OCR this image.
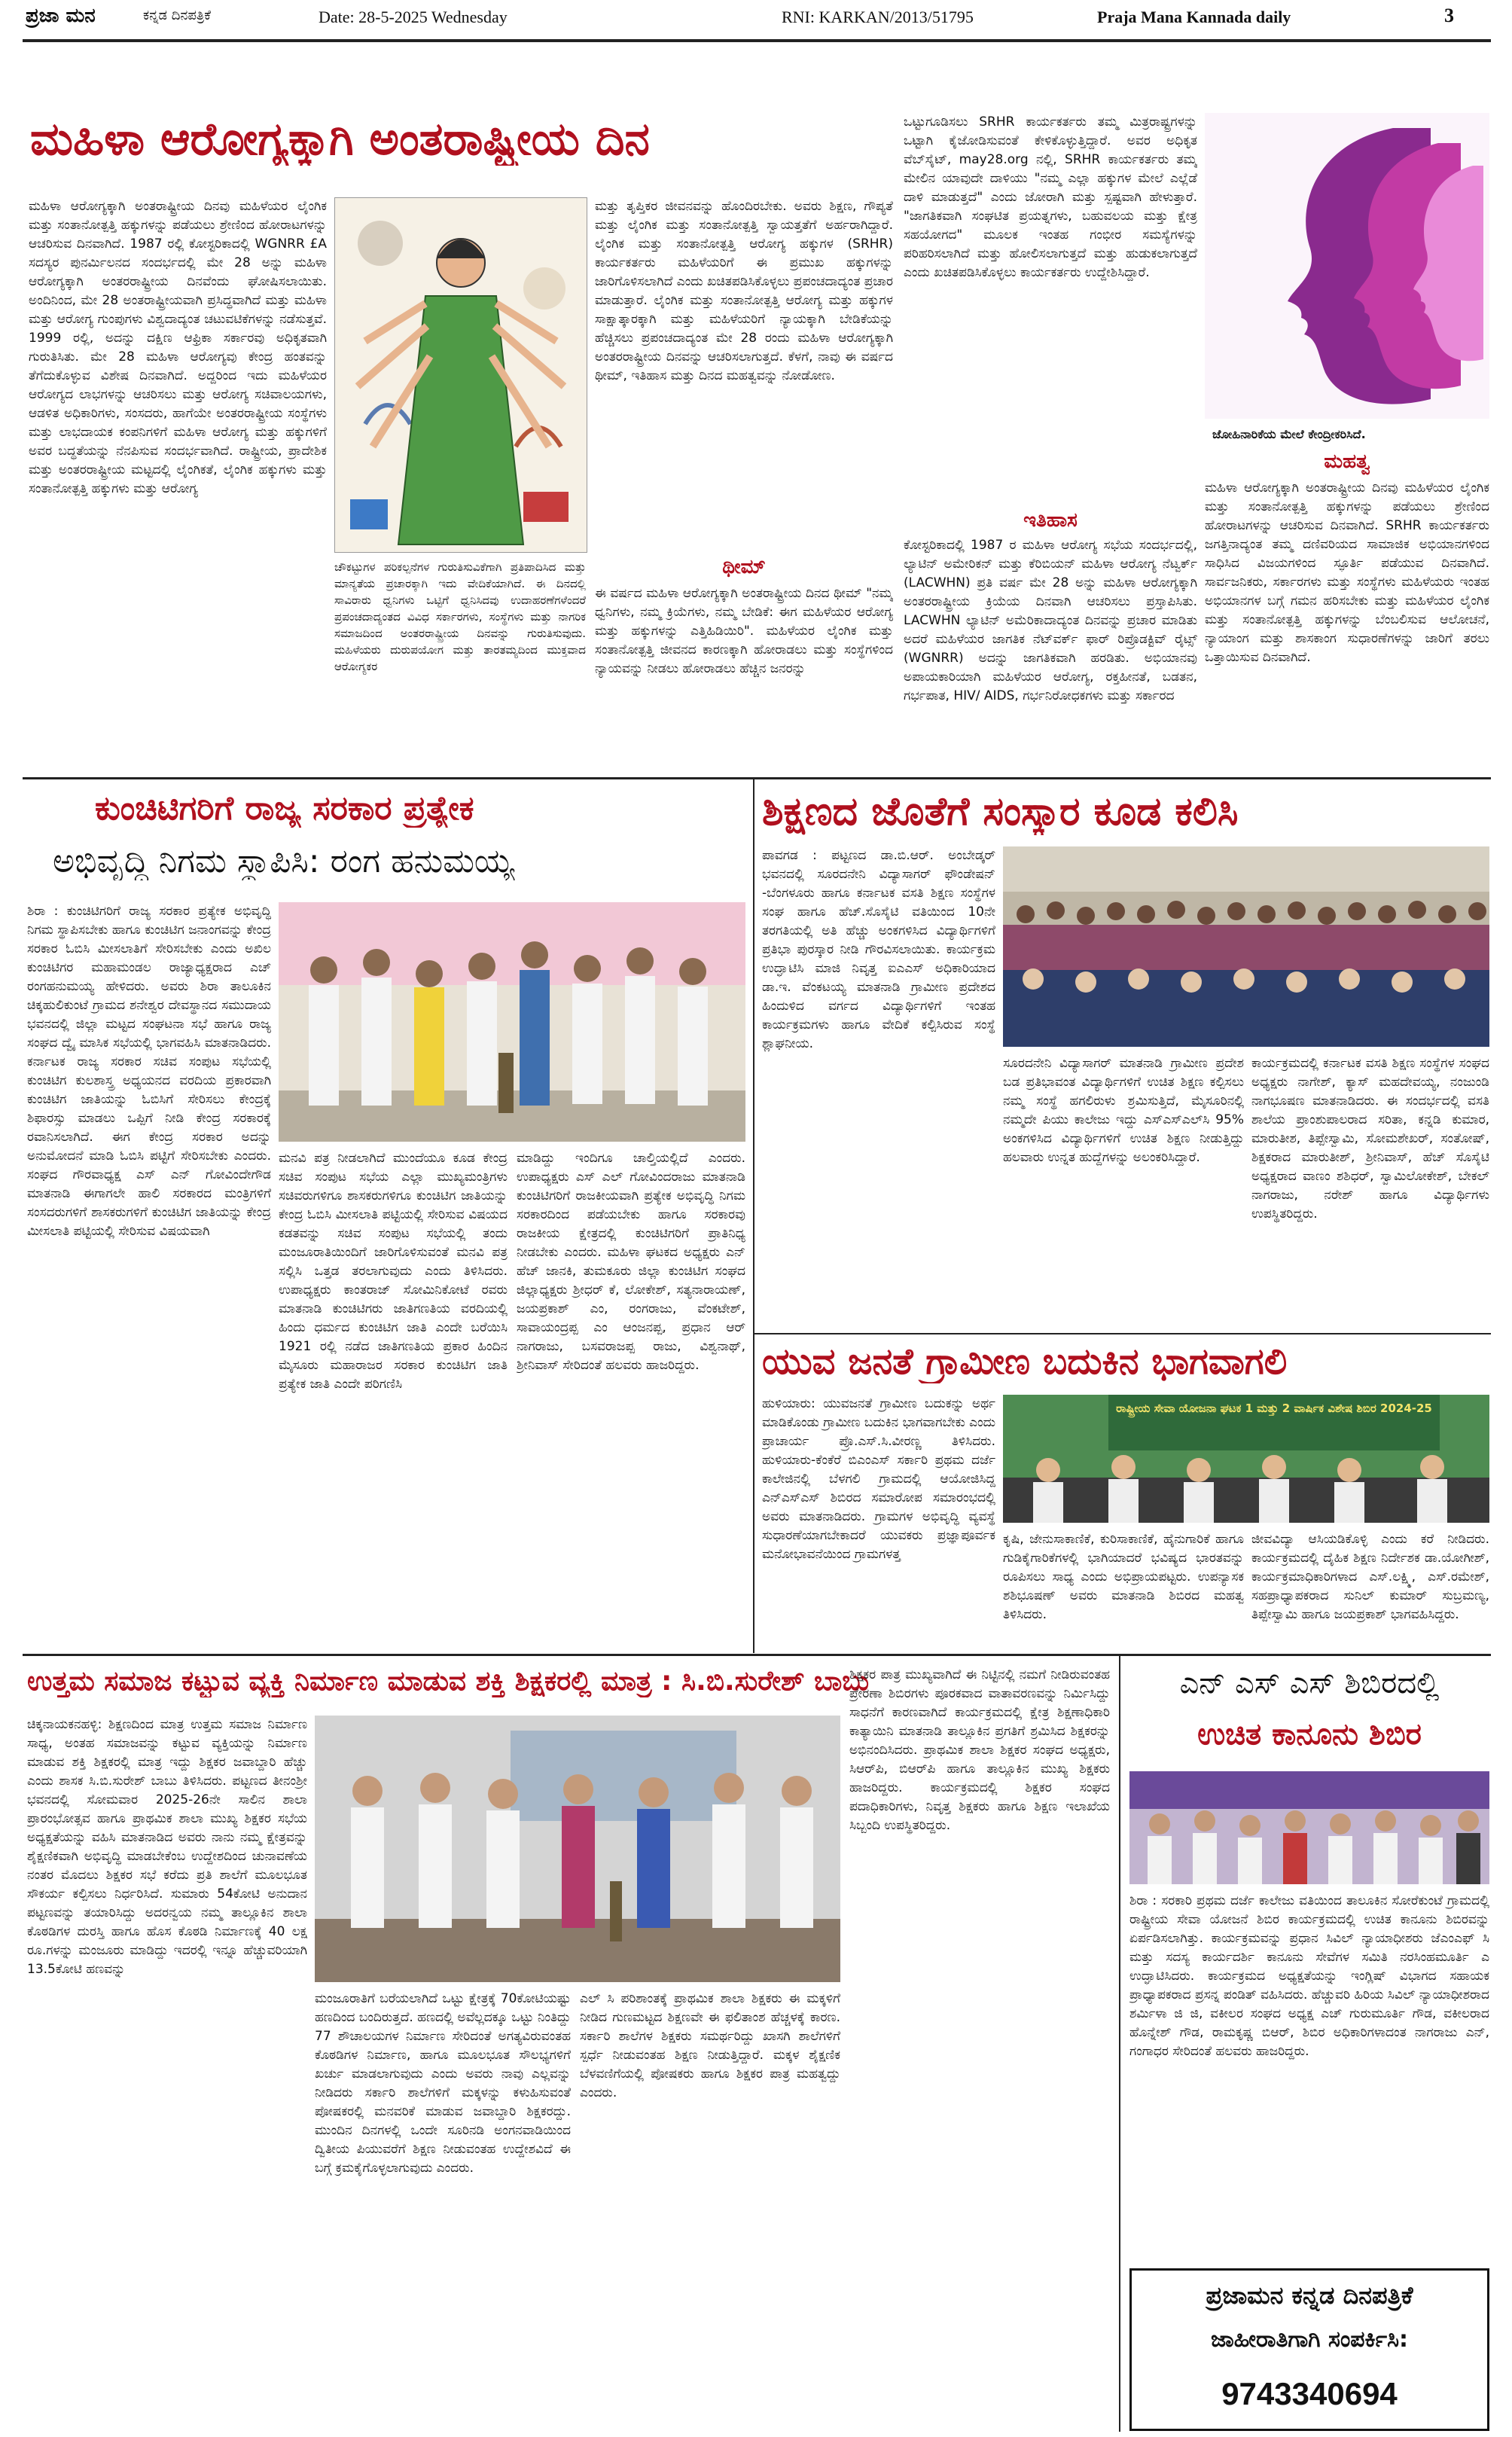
ಪ್ರಜಾ ಮನ	ಕನ್ನಡ ದಿನಪತ್ರಿಕೆ	Date: 28-5-2025 Wednesday	RNI: KARKAN/2013/51795	Praja Mana Kannada daily	3
ಮಹಿಳಾ ಆರೋಗ್ಯಕ್ಕಾಗಿ ಅಂತರಾಷ್ಟ್ರೀಯ ದಿನ
ಮಹಿಳಾ ಆರೋಗ್ಯಕ್ಕಾಗಿ ಅಂತರಾಷ್ಟ್ರೀಯ ದಿನವು ಮಹಿಳೆಯರ ಲೈಂಗಿಕ ಮತ್ತು ಸಂತಾನೋತ್ಪತ್ತಿ ಹಕ್ಕುಗಳನ್ನು ಪಡೆಯಲು ಶ್ರೇಣಿಂದ ಹೋರಾಟಗಳನ್ನು ಆಚರಿಸುವ ದಿನವಾಗಿದೆ. 1987 ರಲ್ಲಿ ಕೋಸ್ಟರಿಕಾದಲ್ಲಿ WGNRR £A ಸದಸ್ಯರ ಪುನರ್ಮಿಲನದ ಸಂದರ್ಭದಲ್ಲಿ ಮೇ 28 ಅನ್ನು ಮಹಿಳಾ ಆರೋಗ್ಯಕ್ಕಾಗಿ ಅಂತರರಾಷ್ಟ್ರೀಯ ದಿನವೆಂದು ಘೋಷಿಸಲಾಯಿತು. ಅಂದಿನಿಂದ, ಮೇ 28 ಅಂತರಾಷ್ಟ್ರೀಯವಾಗಿ ಪ್ರಸಿದ್ಧವಾಗಿದೆ ಮತ್ತು ಮಹಿಳಾ ಮತ್ತು ಆರೋಗ್ಯ ಗುಂಪುಗಳು ವಿಶ್ವದಾದ್ಯಂತ ಚಟುವಟಿಕೆಗಳನ್ನು ನಡೆಸುತ್ತವೆ. 1999 ರಲ್ಲಿ, ಅದನ್ನು ದಕ್ಷಿಣ ಆಫ್ರಿಕಾ ಸರ್ಕಾರವು ಅಧಿಕೃತವಾಗಿ ಗುರುತಿಸಿತು. ಮೇ 28 ಮಹಿಳಾ ಆರೋಗ್ಯವು ಕೇಂದ್ರ ಹಂತವನ್ನು ತೆಗೆದುಕೊಳ್ಳುವ ವಿಶೇಷ ದಿನವಾಗಿದೆ. ಅದ್ದರಿಂದ ಇದು ಮಹಿಳೆಯರ ಆರೋಗ್ಯದ ಲಾಭಗಳನ್ನು ಆಚರಿಸಲು ಮತ್ತು ಆರೋಗ್ಯ ಸಚಿವಾಲಯಗಳು, ಆಡಳಿತ ಅಧಿಕಾರಿಗಳು, ಸಂಸದರು, ಹಾಗೆಯೇ ಅಂತರರಾಷ್ಟ್ರೀಯ ಸಂಸ್ಥೆಗಳು ಮತ್ತು ಲಾಭದಾಯಕ ಕಂಪನಿಗಳಿಗೆ ಮಹಿಳಾ ಆರೋಗ್ಯ ಮತ್ತು ಹಕ್ಕುಗಳಿಗೆ ಅವರ ಬದ್ಧತೆಯನ್ನು ನೆನಪಿಸುವ ಸಂದರ್ಭವಾಗಿದೆ. ರಾಷ್ಟ್ರೀಯ, ಪ್ರಾದೇಶಿಕ ಮತ್ತು ಅಂತರರಾಷ್ಟ್ರೀಯ ಮಟ್ಟದಲ್ಲಿ ಲೈಂಗಿಕತೆ, ಲೈಂಗಿಕ ಹಕ್ಕುಗಳು ಮತ್ತು ಸಂತಾನೋತ್ಪತ್ತಿ ಹಕ್ಕುಗಳು ಮತ್ತು ಆರೋಗ್ಯ
ಚೌಕಟ್ಟುಗಳ ಪರಿಕಲ್ಪನೆಗಳ ಗುರುತಿಸುವಿಕೆಗಾಗಿ ಪ್ರತಿಪಾದಿಸಿದ ಮತ್ತು ಮಾನ್ಯತೆಯ ಪ್ರಚಾರಕ್ಕಾಗಿ ಇದು ವೇದಿಕೆಯಾಗಿದೆ. ಈ ದಿನದಲ್ಲಿ ಸಾವಿರಾರು ಧ್ವನಿಗಳು ಒಟ್ಟಿಗೆ ಧ್ವನಿಸಿದವು ಉದಾಹರಣೆಗಳೆಂದರೆ ಪ್ರಪಂಚದಾದ್ಯಂತದ ವಿವಿಧ ಸರ್ಕಾರಗಳು, ಸಂಸ್ಥೆಗಳು ಮತ್ತು ನಾಗರಿಕ ಸಮಾಜದಿಂದ ಅಂತರರಾಷ್ಟ್ರೀಯ ದಿನವನ್ನು ಗುರುತಿಸುವುದು. ಮಹಿಳೆಯರು ದುರುಪಯೋಗ ಮತ್ತು ತಾರತಮ್ಯದಿಂದ ಮುಕ್ತವಾದ ಆರೋಗ್ಯಕರ
ಮತ್ತು ತೃಪ್ತಿಕರ ಜೀವನವನ್ನು ಹೊಂದಿರಬೇಕು. ಅವರು ಶಿಕ್ಷಣ, ಗೌಪ್ಯತೆ ಮತ್ತು ಲೈಂಗಿಕ ಮತ್ತು ಸಂತಾನೋತ್ಪತ್ತಿ ಸ್ವಾಯತ್ತತೆಗೆ ಅರ್ಹರಾಗಿದ್ದಾರೆ. ಲೈಂಗಿಕ ಮತ್ತು ಸಂತಾನೋತ್ಪತ್ತಿ ಆರೋಗ್ಯ ಹಕ್ಕುಗಳ (SRHR) ಕಾರ್ಯಕರ್ತರು ಮಹಿಳೆಯರಿಗೆ ಈ ಪ್ರಮುಖ ಹಕ್ಕುಗಳನ್ನು ಜಾರಿಗೊಳಿಸಲಾಗಿದೆ ಎಂದು ಖಚಿತಪಡಿಸಿಕೊಳ್ಳಲು ಪ್ರಪಂಚದಾದ್ಯಂತ ಪ್ರಚಾರ ಮಾಡುತ್ತಾರೆ. ಲೈಂಗಿಕ ಮತ್ತು ಸಂತಾನೋತ್ಪತ್ತಿ ಆರೋಗ್ಯ ಮತ್ತು ಹಕ್ಕುಗಳ ಸಾಕ್ಷಾತ್ಕಾರಕ್ಕಾಗಿ ಮತ್ತು ಮಹಿಳೆಯರಿಗೆ ನ್ಯಾಯಕ್ಕಾಗಿ ಬೇಡಿಕೆಯನ್ನು ಹೆಚ್ಚಿಸಲು ಪ್ರಪಂಚದಾದ್ಯಂತ ಮೇ 28 ರಂದು ಮಹಿಳಾ ಆರೋಗ್ಯಕ್ಕಾಗಿ ಅಂತರರಾಷ್ಟ್ರೀಯ ದಿನವನ್ನು ಆಚರಿಸಲಾಗುತ್ತದೆ. ಕೆಳಗೆ, ನಾವು ಈ ವರ್ಷದ ಥೀಮ್, ಇತಿಹಾಸ ಮತ್ತು ದಿನದ ಮಹತ್ವವನ್ನು ನೋಡೋಣ.
ಥೀಮ್
ಈ ವರ್ಷದ ಮಹಿಳಾ ಆರೋಗ್ಯಕ್ಕಾಗಿ ಅಂತರಾಷ್ಟ್ರೀಯ ದಿನದ ಥೀಮ್ "ನಮ್ಮ ಧ್ವನಿಗಳು, ನಮ್ಮ ಕ್ರಿಯೆಗಳು, ನಮ್ಮ ಬೇಡಿಕೆ: ಈಗ ಮಹಿಳೆಯರ ಆರೋಗ್ಯ ಮತ್ತು ಹಕ್ಕುಗಳನ್ನು ಎತ್ತಿಹಿಡಿಯಿರಿ". ಮಹಿಳೆಯರ ಲೈಂಗಿಕ ಮತ್ತು ಸಂತಾನೋತ್ಪತ್ತಿ ಜೀವನದ ಕಾರಣಕ್ಕಾಗಿ ಹೋರಾಡಲು ಮತ್ತು ಸಂಸ್ಥೆಗಳಿಂದ ನ್ಯಾಯವನ್ನು ನೀಡಲು ಹೋರಾಡಲು ಹೆಚ್ಚಿನ ಜನರನ್ನು
ಒಟ್ಟುಗೂಡಿಸಲು SRHR ಕಾರ್ಯಕರ್ತರು ತಮ್ಮ ಮಿತ್ರರಾಷ್ಟ್ರಗಳನ್ನು ಒಟ್ಟಾಗಿ ಕೈಜೋಡಿಸುವಂತೆ ಕೇಳಿಕೊಳ್ಳುತ್ತಿದ್ದಾರೆ. ಅವರ ಅಧಿಕೃತ ವೆಬ್‌ಸೈಟ್, may28.org ನಲ್ಲಿ, SRHR ಕಾರ್ಯಕರ್ತರು ತಮ್ಮ ಮೇಲಿನ ಯಾವುದೇ ದಾಳಿಯು "ನಮ್ಮ ಎಲ್ಲಾ ಹಕ್ಕುಗಳ ಮೇಲೆ ಎಲ್ಲೆಡೆ ದಾಳಿ ಮಾಡುತ್ತದೆ" ಎಂದು ಜೋರಾಗಿ ಮತ್ತು ಸ್ಪಷ್ಟವಾಗಿ ಹೇಳುತ್ತಾರೆ. "ಜಾಗತಿಕವಾಗಿ ಸಂಘಟಿತ ಪ್ರಯತ್ನಗಳು, ಬಹುವಲಯ ಮತ್ತು ಕ್ಷೇತ್ರ ಸಹಯೋಗದ" ಮೂಲಕ ಇಂತಹ ಗಂಭೀರ ಸಮಸ್ಯೆಗಳನ್ನು ಪರಿಹರಿಸಲಾಗಿದೆ ಮತ್ತು ಹೋಲಿಸಲಾಗುತ್ತದೆ ಮತ್ತು ಹುಡುಕಲಾಗುತ್ತದೆ ಎಂದು ಖಚಿತಪಡಿಸಿಕೊಳ್ಳಲು ಕಾರ್ಯಕರ್ತರು ಉದ್ದೇಶಿಸಿದ್ದಾರೆ.
ಇತಿಹಾಸ
ಕೋಸ್ಟರಿಕಾದಲ್ಲಿ 1987 ರ ಮಹಿಳಾ ಆರೋಗ್ಯ ಸಭೆಯ ಸಂದರ್ಭದಲ್ಲಿ, ಲ್ಯಾಟಿನ್ ಅಮೇರಿಕನ್ ಮತ್ತು ಕೆರಿಬಿಯನ್ ಮಹಿಳಾ ಆರೋಗ್ಯ ನೆಟ್ವರ್ಕ್ (LACWHN) ಪ್ರತಿ ವರ್ಷ ಮೇ 28 ಅನ್ನು ಮಹಿಳಾ ಆರೋಗ್ಯಕ್ಕಾಗಿ ಅಂತರರಾಷ್ಟ್ರೀಯ ಕ್ರಿಯೆಯ ದಿನವಾಗಿ ಆಚರಿಸಲು ಪ್ರಸ್ತಾಪಿಸಿತು. LACWHN ಲ್ಯಾಟಿನ್ ಅಮೆರಿಕಾದಾದ್ಯಂತ ದಿನವನ್ನು ಪ್ರಚಾರ ಮಾಡಿತು ಅದರೆ ಮಹಿಳೆಯರ ಜಾಗತಿಕ ನೆಟ್‌ವರ್ಕ್ ಫಾರ್ ರಿಪ್ರೊಡಕ್ಟಿವ್ ರೈಟ್ಸ್ (WGNRR) ಅದನ್ನು ಜಾಗತಿಕವಾಗಿ ಹರಡಿತು. ಅಭಿಯಾನವು ಅಪಾಯಕಾರಿಯಾಗಿ ಮಹಿಳೆಯರ ಆರೋಗ್ಯ, ರಕ್ತಹೀನತೆ, ಬಡತನ, ಗರ್ಭಪಾತ, HIV/ AIDS, ಗರ್ಭನಿರೋಧಕಗಳು ಮತ್ತು ಸರ್ಕಾರದ
ಜೋಹಿನಾರಿಕೆಯ ಮೇಲೆ ಕೇಂದ್ರೀಕರಿಸಿದೆ.
ಮಹತ್ವ
ಮಹಿಳಾ ಆರೋಗ್ಯಕ್ಕಾಗಿ ಅಂತರಾಷ್ಟ್ರೀಯ ದಿನವು ಮಹಿಳೆಯರ ಲೈಂಗಿಕ ಮತ್ತು ಸಂತಾನೋತ್ಪತ್ತಿ ಹಕ್ಕುಗಳನ್ನು ಪಡೆಯಲು ಶ್ರೇಣಿಂದ ಹೋರಾಟಗಳನ್ನು ಆಚರಿಸುವ ದಿನವಾಗಿದೆ. SRHR ಕಾರ್ಯಕರ್ತರು ಜಗತ್ತಿನಾದ್ಯಂತ ತಮ್ಮ ದಣಿವರಿಯದ ಸಾಮಾಜಿಕ ಅಭಿಯಾನಗಳಿಂದ ಸಾಧಿಸಿದ ವಿಜಯಗಳಿಂದ ಸ್ಫೂರ್ತಿ ಪಡೆಯುವ ದಿನವಾಗಿದೆ. ಸಾರ್ವಜನಿಕರು, ಸರ್ಕಾರಗಳು ಮತ್ತು ಸಂಸ್ಥೆಗಳು ಮಹಿಳೆಯರು ಇಂತಹ ಅಭಿಯಾನಗಳ ಬಗ್ಗೆ ಗಮನ ಹರಿಸಬೇಕು ಮತ್ತು ಮಹಿಳೆಯರ ಲೈಂಗಿಕ ಮತ್ತು ಸಂತಾನೋತ್ಪತ್ತಿ ಹಕ್ಕುಗಳನ್ನು ಬೆಂಬಲಿಸುವ ಆಲೋಚನೆ, ನ್ಯಾಯಾಂಗ ಮತ್ತು ಶಾಸಕಾಂಗ ಸುಧಾರಣೆಗಳನ್ನು ಜಾರಿಗೆ ತರಲು ಒತ್ತಾಯಿಸುವ ದಿನವಾಗಿದೆ.
ಕುಂಚಿಟಿಗರಿಗೆ ರಾಜ್ಯ ಸರಕಾರ ಪ್ರತ್ಯೇಕ
ಅಭಿವೃದ್ಧಿ ನಿಗಮ ಸ್ಥಾಪಿಸಿ: ರಂಗ ಹನುಮಯ್ಯ
ಶಿರಾ : ಕುಂಚಿಟಿಗರಿಗೆ ರಾಜ್ಯ ಸರಕಾರ ಪ್ರತ್ಯೇಕ ಅಭಿವೃದ್ಧಿ ನಿಗಮ ಸ್ಥಾಪಿಸಬೇಕು ಹಾಗೂ ಕುಂಚಿಟಿಗ ಜನಾಂಗವನ್ನು ಕೇಂದ್ರ ಸರಕಾರ ಓಬಿಸಿ ಮೀಸಲಾತಿಗೆ ಸೇರಿಸಬೇಕು ಎಂದು ಅಖಿಲ ಕುಂಚಿಟಿಗರ ಮಹಾಮಂಡಲ ರಾಜ್ಯಾಧ್ಯಕ್ಷರಾದ ಎಚ್ ರಂಗಹನುಮಯ್ಯ ಹೇಳಿದರು. ಅವರು ಶಿರಾ ತಾಲೂಕಿನ ಚಿಕ್ಕಹುಲಿಕುಂಟೆ ಗ್ರಾಮದ ಶನೇಶ್ವರ ದೇವಸ್ಥಾನದ ಸಮುದಾಯ ಭವನದಲ್ಲಿ ಜಿಲ್ಲಾ ಮಟ್ಟದ ಸಂಘಟನಾ ಸಭೆ ಹಾಗೂ ರಾಜ್ಯ ಸಂಘದ ದ್ವೈ ಮಾಸಿಕ ಸಭೆಯಲ್ಲಿ ಭಾಗವಹಿಸಿ ಮಾತನಾಡಿದರು. ಕರ್ನಾಟಕ ರಾಜ್ಯ ಸರಕಾರ ಸಚಿವ ಸಂಪುಟ ಸಭೆಯಲ್ಲಿ ಕುಂಚಿಟಿಗ ಕುಲಶಾಸ್ತ್ರ ಅಧ್ಯಯನದ ವರದಿಯ ಪ್ರಕಾರವಾಗಿ ಕುಂಚಿಟಿಗ ಜಾತಿಯನ್ನು ಓಬಿಸಿಗೆ ಸೇರಿಸಲು ಕೇಂದ್ರಕ್ಕೆ ಶಿಫಾರಸ್ಸು ಮಾಡಲು ಒಪ್ಪಿಗೆ ನೀಡಿ ಕೇಂದ್ರ ಸರಕಾರಕ್ಕೆ ರವಾನಿಸಲಾಗಿದೆ. ಈಗ ಕೇಂದ್ರ ಸರಕಾರ ಅದನ್ನು ಅನುಮೋದನೆ ಮಾಡಿ ಓಬಿಸಿ ಪಟ್ಟಿಗೆ ಸೇರಿಸಬೇಕು ಎಂದರು. ಸಂಘದ ಗೌರವಾಧ್ಯಕ್ಷ ಎಸ್ ಎನ್ ಗೋವಿಂದೇಗೌಡ ಮಾತನಾಡಿ ಈಗಾಗಲೇ ಹಾಲಿ ಸರಕಾರದ ಮಂತ್ರಿಗಳಿಗೆ ಸಂಸದರುಗಳಿಗೆ ಶಾಸಕರುಗಳಿಗೆ ಕುಂಚಿಟಿಗ ಜಾತಿಯನ್ನು ಕೇಂದ್ರ ಮೀಸಲಾತಿ ಪಟ್ಟಿಯಲ್ಲಿ ಸೇರಿಸುವ ವಿಷಯವಾಗಿ
ಮನವಿ ಪತ್ರ ನೀಡಲಾಗಿದೆ ಮುಂದೆಯೂ ಕೂಡ ಕೇಂದ್ರ ಸಚಿವ ಸಂಪುಟ ಸಭೆಯ ಎಲ್ಲಾ ಮುಖ್ಯಮಂತ್ರಿಗಳು ಸಚಿವರುಗಳಿಗೂ ಶಾಸಕರುಗಳಿಗೂ ಕುಂಚಿಟಿಗ ಜಾತಿಯನ್ನು ಕೇಂದ್ರ ಓಬಿಸಿ ಮೀಸಲಾತಿ ಪಟ್ಟಿಯಲ್ಲಿ ಸೇರಿಸುವ ವಿಷಯದ ಕಡತವನ್ನು ಸಚಿವ ಸಂಪುಟ ಸಭೆಯಲ್ಲಿ ತಂದು ಮಂಜೂರಾತಿಯಿಂದಿಗೆ ಜಾರಿಗೊಳಿಸುವಂತೆ ಮನವಿ ಪತ್ರ ಸಲ್ಲಿಸಿ ಒತ್ತಡ ತರಲಾಗುವುದು ಎಂದು ತಿಳಿಸಿದರು. ಉಪಾಧ್ಯಕ್ಷರು ಕಾಂತರಾಜ್ ಸೋಮಿನಿಕೋಟೆ ರವರು ಮಾತನಾಡಿ ಕುಂಚಿಟಿಗರು ಜಾತಿಗಣತಿಯ ವರದಿಯಲ್ಲಿ ಹಿಂದು ಧರ್ಮದ ಕುಂಚಿಟಿಗ ಜಾತಿ ಎಂದೇ ಬರೆಯಿಸಿ 1921 ರಲ್ಲಿ ನಡೆದ ಜಾತಿಗಣತಿಯ ಪ್ರಕಾರ ಹಿಂದಿನ ಮೈಸೂರು ಮಹಾರಾಜರ ಸರಕಾರ ಕುಂಚಿಟಿಗ ಜಾತಿ ಪ್ರತ್ಯೇಕ ಜಾತಿ ಎಂದೇ ಪರಿಗಣಿಸಿ
ಮಾಡಿದ್ದು ಇಂದಿಗೂ ಚಾಲ್ತಿಯಲ್ಲಿದೆ ಎಂದರು. ಉಪಾಧ್ಯಕ್ಷರು ಎಸ್ ಎಲ್ ಗೋವಿಂದರಾಜು ಮಾತನಾಡಿ ಕುಂಚಿಟಿಗರಿಗೆ ರಾಜಕೀಯವಾಗಿ ಪ್ರತ್ಯೇಕ ಅಭಿವೃದ್ಧಿ ನಿಗಮ ಸರಕಾರದಿಂದ ಪಡೆಯಬೇಕು ಹಾಗೂ ಸರಕಾರವು ರಾಜಕೀಯ ಕ್ಷೇತ್ರದಲ್ಲಿ ಕುಂಚಿಟಿಗರಿಗೆ ಪ್ರಾತಿನಿಧ್ಯ ನೀಡಬೇಕು ಎಂದರು. ಮಹಿಳಾ ಘಟಕದ ಅಧ್ಯಕ್ಷರು ಎನ್ ಹೆಚ್ ಜಾನಕಿ, ತುಮಕೂರು ಜಿಲ್ಲಾ ಕುಂಚಿಟಿಗ ಸಂಘದ ಜಿಲ್ಲಾಧ್ಯಕ್ಷರು ಶ್ರೀಧರ್ ಕೆ, ಲೋಕೇಶ್, ಸತ್ಯನಾರಾಯಣ್, ಜಯಪ್ರಕಾಶ್ ಎಂ, ರಂಗರಾಜು, ವೆಂಕಟೇಶ್, ಸಾವಾಯಂದ್ರಪ್ಪ ಎಂ ಆಂಜನಪ್ಪ, ಪ್ರಧಾನ ಆರ್ ನಾಗರಾಜು, ಬಸವರಾಜಪ್ಪ ರಾಜು, ವಿಶ್ವನಾಥ್, ಶ್ರೀನಿವಾಸ್ ಸೇರಿದಂತೆ ಹಲವರು ಹಾಜರಿದ್ದರು.
ಶಿಕ್ಷಣದ ಜೊತೆಗೆ ಸಂಸ್ಕಾರ ಕೂಡ ಕಲಿಸಿ
ಪಾವಗಡ : ಪಟ್ಟಣದ ಡಾ.ಬಿ.ಆರ್. ಅಂಬೇಡ್ಕರ್ ಭವನದಲ್ಲಿ ಸೂರದನೇನಿ ವಿದ್ಯಾಸಾಗರ್ ಫೌಂಡೇಷನ್ -ಬೆಂಗಳೂರು ಹಾಗೂ ಕರ್ನಾಟಕ ವಸತಿ ಶಿಕ್ಷಣ ಸಂಸ್ಥೆಗಳ ಸಂಘ ಹಾಗೂ ಹೆಚ್.ಸೊಸೈಟಿ ವತಿಯಿಂದ 10ನೇ ತರಗತಿಯಲ್ಲಿ ಅತಿ ಹೆಚ್ಚು ಅಂಕಗಳಿಸಿದ ವಿದ್ಯಾರ್ಥಿಗಳಿಗೆ ಪ್ರತಿಭಾ ಪುರಸ್ಕಾರ ನೀಡಿ ಗೌರವಿಸಲಾಯಿತು. ಕಾರ್ಯಕ್ರಮ ಉದ್ಘಾಟಿಸಿ ಮಾಜಿ ನಿವೃತ್ತ ಐಎಎಸ್ ಅಧಿಕಾರಿಯಾದ ಡಾ.ಇ. ವೆಂಕಟಯ್ಯ ಮಾತನಾಡಿ ಗ್ರಾಮೀಣ ಪ್ರದೇಶದ ಹಿಂದುಳಿದ ವರ್ಗದ ವಿದ್ಯಾರ್ಥಿಗಳಿಗೆ ಇಂತಹ ಕಾರ್ಯಕ್ರಮಗಳು ಹಾಗೂ ವೇದಿಕೆ ಕಲ್ಪಿಸಿರುವ ಸಂಸ್ಥೆ ಶ್ಲಾಘನೀಯ.
ಸೂರದನೇನಿ ವಿದ್ಯಾಸಾಗರ್ ಮಾತನಾಡಿ ಗ್ರಾಮೀಣ ಪ್ರದೇಶ ಬಡ ಪ್ರತಿಭಾವಂತ ವಿದ್ಯಾರ್ಥಿಗಳಿಗೆ ಉಚಿತ ಶಿಕ್ಷಣ ಕಲ್ಪಿಸಲು ನಮ್ಮ ಸಂಸ್ಥೆ ಹಗಲಿರುಳು ಶ್ರಮಿಸುತ್ತಿದೆ, ಮೈಸೂರಿನಲ್ಲಿ ನಮ್ಮದೇ ಪಿಯು ಕಾಲೇಜು ಇದ್ದು ಎಸ್ಎಸ್ಎಲ್‌ಸಿ 95% ಅಂಕಗಳಿಸಿದ ವಿದ್ಯಾರ್ಥಿಗಳಿಗೆ ಉಚಿತ ಶಿಕ್ಷಣ ನೀಡುತ್ತಿದ್ದು ಹಲವಾರು ಉನ್ನತ ಹುದ್ದೆಗಳನ್ನು ಅಲಂಕರಿಸಿದ್ದಾರೆ.
ಕಾರ್ಯಕ್ರಮದಲ್ಲಿ ಕರ್ನಾಟಕ ವಸತಿ ಶಿಕ್ಷಣ ಸಂಸ್ಥೆಗಳ ಸಂಘದ ಅಧ್ಯಕ್ಷರು ನಾಗೇಶ್, ಕ್ಯಾಸ್ ಮಹದೇವಯ್ಯ, ನಂಜುಂಡಿ ನಾಗಭೂಷಣ ಮಾತನಾಡಿದರು. ಈ ಸಂದರ್ಭದಲ್ಲಿ ವಸತಿ ಶಾಲೆಯ ಪ್ರಾಂಶುಪಾಲರಾದ ಸರಿತಾ, ಕನ್ನಡಿ ಕುಮಾರ, ಮಾರುತೀಶ, ತಿಪ್ಪೇಸ್ವಾಮಿ, ಸೋಮಶೇಖರ್, ಸಂತೋಷ್, ಶಿಕ್ಷಕರಾದ ಮಾರುತೀಶ್, ಶ್ರೀನಿವಾಸ್, ಹೆಚ್ ಸೊಸೈಟಿ ಅಧ್ಯಕ್ಷರಾದ ವಾಣಂ ಶಶಿಧರ್, ಸ್ವಾಮಿಲೋಕೇಶ್, ಬೇಕಲ್ ನಾಗರಾಜು, ನರೇಶ್ ಹಾಗೂ ವಿದ್ಯಾರ್ಥಿಗಳು ಉಪಸ್ಥಿತರಿದ್ದರು.
ಯುವ ಜನತೆ ಗ್ರಾಮೀಣ ಬದುಕಿನ ಭಾಗವಾಗಲಿ
ಹುಳಿಯಾರು: ಯುವಜನತೆ ಗ್ರಾಮೀಣ ಬದುಕನ್ನು ಅರ್ಥ ಮಾಡಿಕೊಂಡು ಗ್ರಾಮೀಣ ಬದುಕಿನ ಭಾಗವಾಗಬೇಕು ಎಂದು ಪ್ರಾಚಾರ್ಯ ಪ್ರೊ.ಎಸ್.ಸಿ.ವೀರಣ್ಣ ತಿಳಿಸಿದರು. ಹುಳಿಯಾರು-ಕೆಂಕೆರೆ ಬಿಎಂಎಸ್ ಸರ್ಕಾರಿ ಪ್ರಥಮ ದರ್ಜೆ ಕಾಲೇಜಿನಲ್ಲಿ ಬೆಳಗಲಿ ಗ್ರಾಮದಲ್ಲಿ ಆಯೋಜಿಸಿದ್ದ ಎನ್ಎಸ್ಎಸ್ ಶಿಬಿರದ ಸಮಾರೋಪ ಸಮಾರಂಭದಲ್ಲಿ ಅವರು ಮಾತನಾಡಿದರು. ಗ್ರಾಮಗಳ ಅಭಿವೃದ್ಧಿ ವ್ಯವಸ್ಥೆ ಸುಧಾರಣೆಯಾಗಬೇಕಾದರೆ ಯುವಕರು ಪ್ರಜ್ಞಾಪೂರ್ವಕ ಮನೋಭಾವನೆಯಿಂದ ಗ್ರಾಮಗಳತ್ತ
ರಾಷ್ಟ್ರೀಯ ಸೇವಾ ಯೋಜನಾ ಘಟಕ 1 ಮತ್ತು 2 ವಾರ್ಷಿಕ ವಿಶೇಷ ಶಿಬಿರ 2024-25
ಕೃಷಿ, ಜೇನುಸಾಕಾಣಿಕೆ, ಕುರಿಸಾಕಾಣಿಕೆ, ಹೈನುಗಾರಿಕೆ ಹಾಗೂ ಗುಡಿಕೈಗಾರಿಕೆಗಳಲ್ಲಿ ಭಾಗಿಯಾದರೆ ಭವಿಷ್ಯದ ಭಾರತವನ್ನು ರೂಪಿಸಲು ಸಾಧ್ಯ ಎಂದು ಅಭಿಪ್ರಾಯಪಟ್ಟರು. ಉಪನ್ಯಾಸಕ ಶಶಿಭೂಷಣ್ ಅವರು ಮಾತನಾಡಿ ಶಿಬಿರದ ಮಹತ್ವ ತಿಳಿಸಿದರು.
ಜೀವವಿದ್ಯಾ ಆಸಿಯಡಿಕೊಳ್ಳಿ ಎಂದು ಕರೆ ನೀಡಿದರು. ಕಾರ್ಯಕ್ರಮದಲ್ಲಿ ದೈಹಿಕ ಶಿಕ್ಷಣ ನಿರ್ದೇಶಕ ಡಾ.ಯೋಗೀಶ್, ಕಾರ್ಯಕ್ರಮಾಧಿಕಾರಿಗಳಾದ ಎಸ್.ಲಕ್ಷ್ಮಿ, ಎಸ್.ರಮೇಶ್, ಸಹಪ್ರಾಧ್ಯಾಪಕರಾದ ಸುನಿಲ್ ಕುಮಾರ್ ಸುಬ್ರಮಣ್ಯ, ತಿಪ್ಪೇಸ್ವಾಮಿ ಹಾಗೂ ಜಯಪ್ರಕಾಶ್ ಭಾಗವಹಿಸಿದ್ದರು.
ಉತ್ತಮ ಸಮಾಜ ಕಟ್ಟುವ ವ್ಯಕ್ತಿ ನಿರ್ಮಾಣ ಮಾಡುವ ಶಕ್ತಿ ಶಿಕ್ಷಕರಲ್ಲಿ ಮಾತ್ರ : ಸಿ.ಬಿ.ಸುರೇಶ್ ಬಾಬು
ಚಿಕ್ಕನಾಯಕನಹಳ್ಳಿ: ಶಿಕ್ಷಣದಿಂದ ಮಾತ್ರ ಉತ್ತಮ ಸಮಾಜ ನಿರ್ಮಾಣ ಸಾಧ್ಯ, ಅಂತಹ ಸಮಾಜವನ್ನು ಕಟ್ಟುವ ವ್ಯಕ್ತಿಯನ್ನು ನಿರ್ಮಾಣ ಮಾಡುವ ಶಕ್ತಿ ಶಿಕ್ಷಕರಲ್ಲಿ ಮಾತ್ರ ಇದ್ದು ಶಿಕ್ಷಕರ ಜವಾಬ್ದಾರಿ ಹೆಚ್ಚು ಎಂದು ಶಾಸಕ ಸಿ.ಬಿ.ಸುರೇಶ್ ಬಾಬು ತಿಳಿಸಿದರು. ಪಟ್ಟಣದ ತೀನಂಶ್ರೀ ಭವನದಲ್ಲಿ ಸೋಮವಾರ 2025-26ನೇ ಸಾಲಿನ ಶಾಲಾ ಪ್ರಾರಂಭೋತ್ಸವ ಹಾಗೂ ಪ್ರಾಥಮಿಕ ಶಾಲಾ ಮುಖ್ಯ ಶಿಕ್ಷಕರ ಸಭೆಯ ಅಧ್ಯಕ್ಷತೆಯನ್ನು ವಹಿಸಿ ಮಾತನಾಡಿದ ಅವರು ನಾನು ನಮ್ಮ ಕ್ಷೇತ್ರವನ್ನು ಶೈಕ್ಷಣಿಕವಾಗಿ ಅಭಿವೃದ್ಧಿ ಮಾಡಬೇಕೆಂಬ ಉದ್ದೇಶದಿಂದ ಚುನಾವಣೆಯ ನಂತರ ಮೊದಲು ಶಿಕ್ಷಕರ ಸಭೆ ಕರೆದು ಪ್ರತಿ ಶಾಲೆಗೆ ಮೂಲಭೂತ ಸೌಕರ್ಯ ಕಲ್ಪಿಸಲು ನಿರ್ಧರಿಸಿದೆ. ಸುಮಾರು 54ಕೋಟಿ ಅನುದಾನ ಪಟ್ಟಣವನ್ನು ತಯಾರಿಸಿದ್ದು ಅದರನ್ವಯ ನಮ್ಮ ತಾಲ್ಲೂಕಿನ ಶಾಲಾ ಕೊಠಡಿಗಳ ದುರಸ್ತಿ ಹಾಗೂ ಹೊಸ ಕೊಠಡಿ ನಿರ್ಮಾಣಕ್ಕೆ 40 ಲಕ್ಷ ರೂ.ಗಳನ್ನು ಮಂಜೂರು ಮಾಡಿದ್ದು ಇದರಲ್ಲಿ ಇನ್ನೂ ಹೆಚ್ಚುವರಿಯಾಗಿ 13.5ಕೋಟಿ ಹಣವನ್ನು
ಮಂಜೂರಾತಿಗೆ ಬರೆಯಲಾಗಿದೆ ಒಟ್ಟು ಕ್ಷೇತ್ರಕ್ಕೆ 70ಕೋಟಿಯಷ್ಟು ಹಣದಿಂದ ಬಂದಿರುತ್ತದೆ. ಹಣದಲ್ಲಿ ಅವೆಲ್ಲದಕ್ಕೂ ಒಟ್ಟು ನಿಂತಿದ್ದು 77 ಶೌಚಾಲಯಗಳ ನಿರ್ಮಾಣ ಸೇರಿದಂತೆ ಅಗತ್ಯವಿರುವಂತಹ ಕೊಠಡಿಗಳ ನಿರ್ಮಾಣ, ಹಾಗೂ ಮೂಲಭೂತ ಸೌಲಭ್ಯಗಳಿಗೆ ಖರ್ಚು ಮಾಡಲಾಗುವುದು ಎಂದು ಅವರು ನಾವು ಎಲ್ಲವನ್ನು ನೀಡಿದರು ಸರ್ಕಾರಿ ಶಾಲೆಗಳಿಗೆ ಮಕ್ಕಳನ್ನು ಕಳುಹಿಸುವಂತೆ ಪೋಷಕರಲ್ಲಿ ಮನವರಿಕೆ ಮಾಡುವ ಜವಾಬ್ದಾರಿ ಶಿಕ್ಷಕರದ್ದು. ಮುಂದಿನ ದಿನಗಳಲ್ಲಿ ಒಂದೇ ಸೂರಿನಡಿ ಅಂಗನವಾಡಿಯಿಂದ ದ್ವಿತೀಯ ಪಿಯುವರೆಗೆ ಶಿಕ್ಷಣ ನೀಡುವಂತಹ ಉದ್ದೇಶವಿದೆ ಈ ಬಗ್ಗೆ ಕ್ರಮಕೈಗೊಳ್ಳಲಾಗುವುದು ಎಂದರು.
ಎಲ್ ಸಿ ಪರಿಶಾಂತಕ್ಕೆ ಪ್ರಾಥಮಿಕ ಶಾಲಾ ಶಿಕ್ಷಕರು ಈ ಮಕ್ಕಳಿಗೆ ನೀಡಿದ ಗುಣಮಟ್ಟದ ಶಿಕ್ಷಣವೇ ಈ ಫಲಿತಾಂಶ ಹೆಚ್ಚಳಕ್ಕೆ ಕಾರಣ. ಸರ್ಕಾರಿ ಶಾಲೆಗಳ ಶಿಕ್ಷಕರು ಸಮರ್ಥರಿದ್ದು ಖಾಸಗಿ ಶಾಲೆಗಳಿಗೆ ಸ್ಪರ್ಧೆ ನೀಡುವಂತಹ ಶಿಕ್ಷಣ ನೀಡುತ್ತಿದ್ದಾರೆ. ಮಕ್ಕಳ ಶೈಕ್ಷಣಿಕ ಬೆಳವಣಿಗೆಯಲ್ಲಿ ಪೋಷಕರು ಹಾಗೂ ಶಿಕ್ಷಕರ ಪಾತ್ರ ಮಹತ್ವದ್ದು ಎಂದರು.
ಶಿಕ್ಷಕರ ಪಾತ್ರ ಮುಖ್ಯವಾಗಿದೆ ಈ ನಿಟ್ಟಿನಲ್ಲಿ ನಮಗೆ ನೀಡಿರುವಂತಹ ಪ್ರೇರಣಾ ಶಿಬಿರಗಳು ಪೂರಕವಾದ ವಾತಾವರಣವನ್ನು ನಿರ್ಮಿಸಿದ್ದು ಸಾಧನೆಗೆ ಕಾರಣವಾಗಿದೆ ಕಾರ್ಯಕ್ರಮದಲ್ಲಿ ಕ್ಷೇತ್ರ ಶಿಕ್ಷಣಾಧಿಕಾರಿ ಕಾತ್ಯಾಯಿನಿ ಮಾತನಾಡಿ ತಾಲ್ಲೂಕಿನ ಪ್ರಗತಿಗೆ ಶ್ರಮಿಸಿದ ಶಿಕ್ಷಕರನ್ನು ಅಭಿನಂದಿಸಿದರು. ಪ್ರಾಥಮಿಕ ಶಾಲಾ ಶಿಕ್ಷಕರ ಸಂಘದ ಅಧ್ಯಕ್ಷರು, ಸಿಆರ್‌ಪಿ, ಬಿಆರ್‌ಪಿ ಹಾಗೂ ತಾಲ್ಲೂಕಿನ ಮುಖ್ಯ ಶಿಕ್ಷಕರು ಹಾಜರಿದ್ದರು. ಕಾರ್ಯಕ್ರಮದಲ್ಲಿ ಶಿಕ್ಷಕರ ಸಂಘದ ಪದಾಧಿಕಾರಿಗಳು, ನಿವೃತ್ತ ಶಿಕ್ಷಕರು ಹಾಗೂ ಶಿಕ್ಷಣ ಇಲಾಖೆಯ ಸಿಬ್ಬಂದಿ ಉಪಸ್ಥಿತರಿದ್ದರು.
ಎನ್ ಎಸ್ ಎಸ್ ಶಿಬಿರದಲ್ಲಿ
ಉಚಿತ ಕಾನೂನು ಶಿಬಿರ
ಶಿರಾ : ಸರಕಾರಿ ಪ್ರಥಮ ದರ್ಜೆ ಕಾಲೇಜು ವತಿಯಿಂದ ತಾಲೂಕಿನ ಸೋರೆಕುಂಟೆ ಗ್ರಾಮದಲ್ಲಿ ರಾಷ್ಟ್ರೀಯ ಸೇವಾ ಯೋಜನೆ ಶಿಬಿರ ಕಾರ್ಯಕ್ರಮದಲ್ಲಿ ಉಚಿತ ಕಾನೂನು ಶಿಬಿರವನ್ನು ಏರ್ಪಡಿಸಲಾಗಿತ್ತು. ಕಾರ್ಯಕ್ರಮವನ್ನು ಪ್ರಧಾನ ಸಿವಿಲ್ ನ್ಯಾಯಾಧೀಶರು ಜೆಎಂಎಫ್ ಸಿ ಮತ್ತು ಸದಸ್ಯ ಕಾರ್ಯದರ್ಶಿ ಕಾನೂನು ಸೇವೆಗಳ ಸಮಿತಿ ನರಸಿಂಹಮೂರ್ತಿ ಎ ಉದ್ಘಾಟಿಸಿದರು. ಕಾರ್ಯಕ್ರಮದ ಅಧ್ಯಕ್ಷತೆಯನ್ನು ಇಂಗ್ಲಿಷ್ ವಿಭಾಗದ ಸಹಾಯಕ ಪ್ರಾಧ್ಯಾಪಕರಾದ ಪ್ರಸನ್ನ ಪಂಡಿತ್ ವಹಿಸಿದರು. ಹೆಚ್ಚುವರಿ ಹಿರಿಯ ಸಿವಿಲ್ ನ್ಯಾಯಾಧೀಶರಾದ ಶರ್ಮಿಳಾ ಜಿ ಜಿ, ವಕೀಲರ ಸಂಘದ ಅಧ್ಯಕ್ಷ ಎಚ್ ಗುರುಮೂರ್ತಿ ಗೌಡ, ವಕೀಲರಾದ ಹೊನ್ನೇಶ್ ಗೌಡ, ರಾಮಕೃಷ್ಣ ಬಿಆರ್, ಶಿಬಿರ ಅಧಿಕಾರಿಗಳಾದಂತ ನಾಗರಾಜು ಎನ್, ಗಂಗಾಧರ ಸೇರಿದಂತೆ ಹಲವರು ಹಾಜರಿದ್ದರು.
ಪ್ರಜಾಮನ ಕನ್ನಡ ದಿನಪತ್ರಿಕೆ
ಜಾಹೀರಾತಿಗಾಗಿ ಸಂಪರ್ಕಿಸಿ:
9743340694
